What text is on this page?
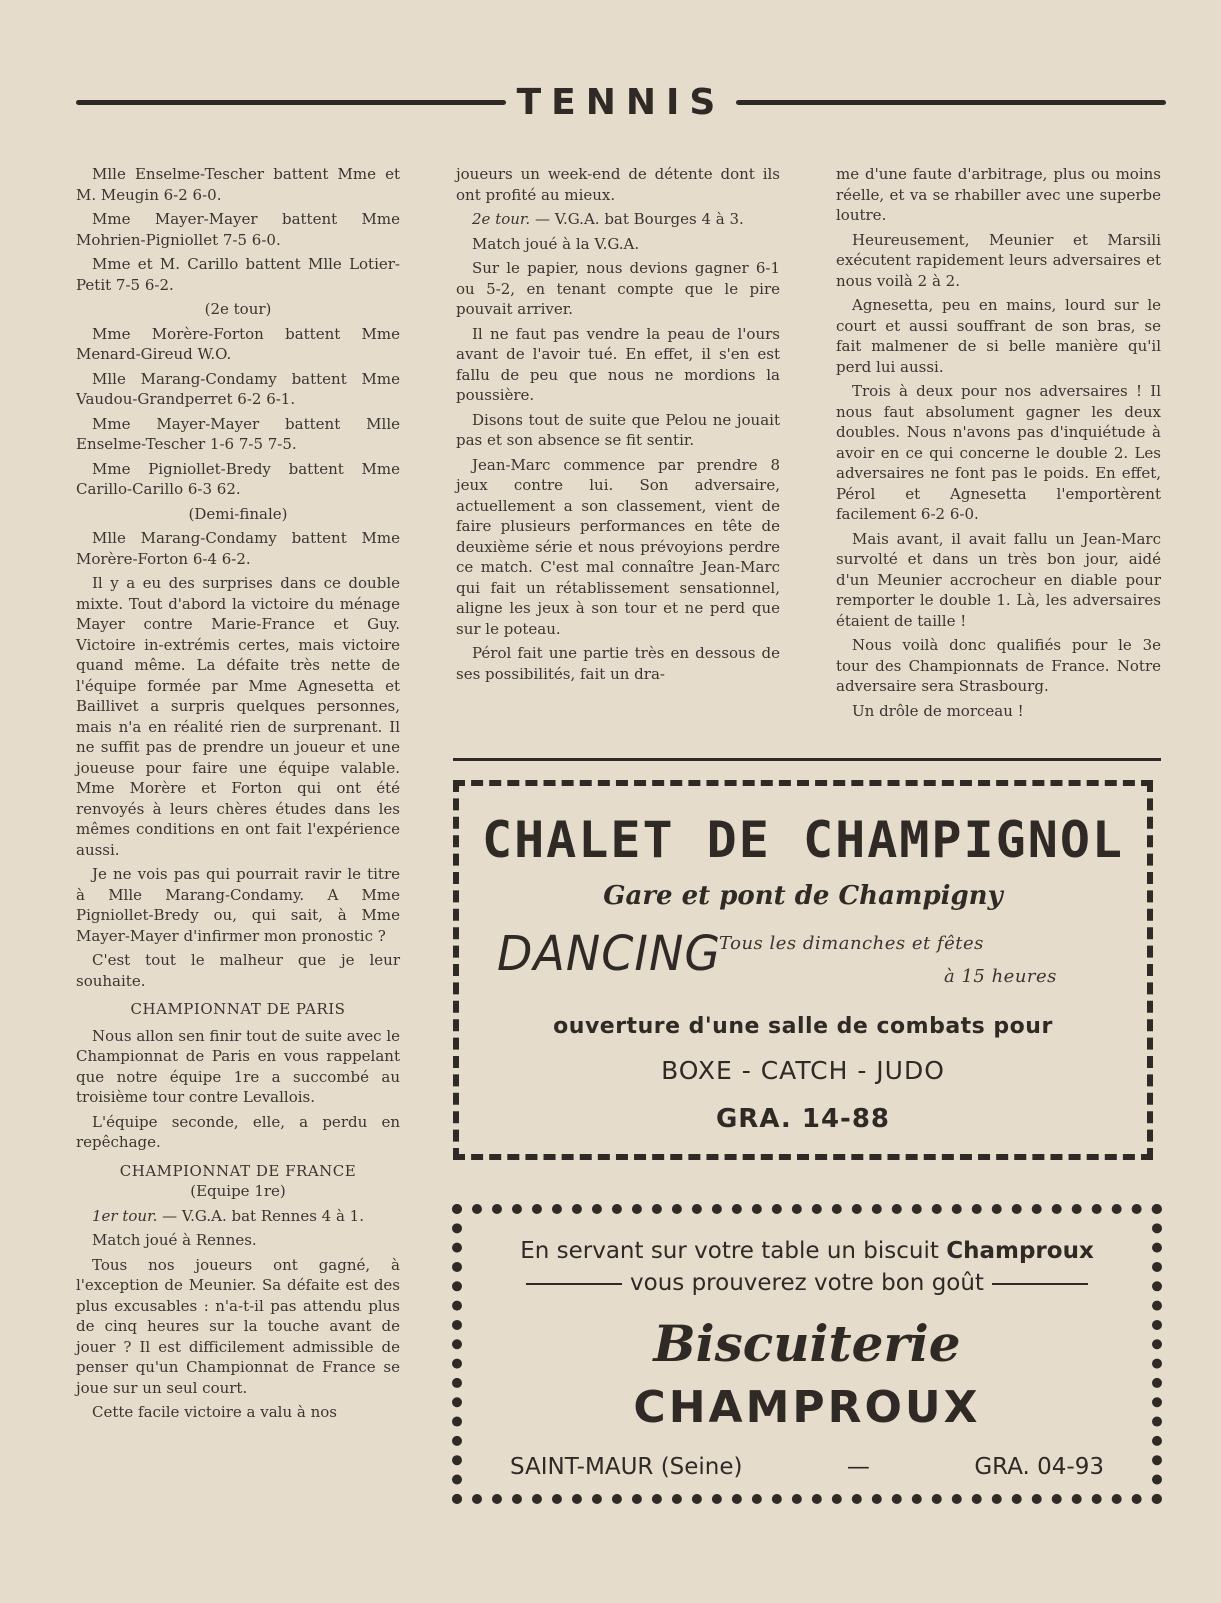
TENNIS

Mlle Enselme-Tescher battent Mme et M. Meugin 6-2 6-0.

Mme Mayer-Mayer battent Mme Mohrien-Pigniollet 7-5 6-0.

Mme et M. Carillo battent Mlle Lotier-Petit 7-5 6-2.

(2e tour)

Mme Morère-Forton battent Mme Menard-Gireud W.O.

Mlle Marang-Condamy battent Mme Vaudou-Grandperret 6-2 6-1.

Mme Mayer-Mayer battent Mlle Enselme-Tescher 1-6 7-5 7-5.

Mme Pigniollet-Bredy battent Mme Carillo-Carillo 6-3 62.

(Demi-finale)

Mlle Marang-Condamy battent Mme Morère-Forton 6-4 6-2.

Il y a eu des surprises dans ce double mixte. Tout d'abord la victoire du ménage Mayer contre Marie-France et Guy. Victoire in-extrémis certes, mais victoire quand même. La défaite très nette de l'équipe formée par Mme Agnesetta et Baillivet a surpris quelques personnes, mais n'a en réalité rien de surprenant. Il ne suffit pas de prendre un joueur et une joueuse pour faire une équipe valable. Mme Morère et Forton qui ont été renvoyés à leurs chères études dans les mêmes conditions en ont fait l'expérience aussi.

Je ne vois pas qui pourrait ravir le titre à Mlle Marang-Condamy. A Mme Pigniollet-Bredy ou, qui sait, à Mme Mayer-Mayer d'infirmer mon pronostic ?

C'est tout le malheur que je leur souhaite.

CHAMPIONNAT DE PARIS

Nous allon sen finir tout de suite avec le Championnat de Paris en vous rappelant que notre équipe 1re a succombé au troisième tour contre Levallois.

L'équipe seconde, elle, a perdu en repêchage.

CHAMPIONNAT DE FRANCE

(Equipe 1re)

1er tour. — V.G.A. bat Rennes 4 à 1.

Match joué à Rennes.

Tous nos joueurs ont gagné, à l'exception de Meunier. Sa défaite est des plus excusables : n'a-t-il pas attendu plus de cinq heures sur la touche avant de jouer ? Il est difficilement admissible de penser qu'un Championnat de France se joue sur un seul court.

Cette facile victoire a valu à nos

joueurs un week-end de détente dont ils ont profité au mieux.

2e tour. — V.G.A. bat Bourges 4 à 3.

Match joué à la V.G.A.

Sur le papier, nous devions gagner 6-1 ou 5-2, en tenant compte que le pire pouvait arriver.

Il ne faut pas vendre la peau de l'ours avant de l'avoir tué. En effet, il s'en est fallu de peu que nous ne mordions la poussière.

Disons tout de suite que Pelou ne jouait pas et son absence se fit sentir.

Jean-Marc commence par prendre 8 jeux contre lui. Son adversaire, actuellement a son classement, vient de faire plusieurs performances en tête de deuxième série et nous prévoyions perdre ce match. C'est mal connaître Jean-Marc qui fait un rétablissement sensationnel, aligne les jeux à son tour et ne perd que sur le poteau.

Pérol fait une partie très en dessous de ses possibilités, fait un dra-

me d'une faute d'arbitrage, plus ou moins réelle, et va se rhabiller avec une superbe loutre.

Heureusement, Meunier et Marsili exécutent rapidement leurs adversaires et nous voilà 2 à 2.

Agnesetta, peu en mains, lourd sur le court et aussi souffrant de son bras, se fait malmener de si belle manière qu'il perd lui aussi.

Trois à deux pour nos adversaires ! Il nous faut absolument gagner les deux doubles. Nous n'avons pas d'inquiétude à avoir en ce qui concerne le double 2. Les adversaires ne font pas le poids. En effet, Pérol et Agnesetta l'emportèrent facilement 6-2 6-0.

Mais avant, il avait fallu un Jean-Marc survolté et dans un très bon jour, aidé d'un Meunier accrocheur en diable pour remporter le double 1. Là, les adversaires étaient de taille !

Nous voilà donc qualifiés pour le 3e tour des Championnats de France. Notre adversaire sera Strasbourg.

Un drôle de morceau !

CHALET DE CHAMPIGNOL
Gare et pont de Champigny
DANCING
Tous les dimanches et fêtes
à 15 heures
ouverture d'une salle de combats pour
BOXE - CATCH - JUDO
GRA. 14-88
En servant sur votre table un biscuit Champroux
vous prouverez votre bon goût
Biscuiterie
CHAMPROUX
SAINT-MAUR (Seine)	—	GRA. 04-93
